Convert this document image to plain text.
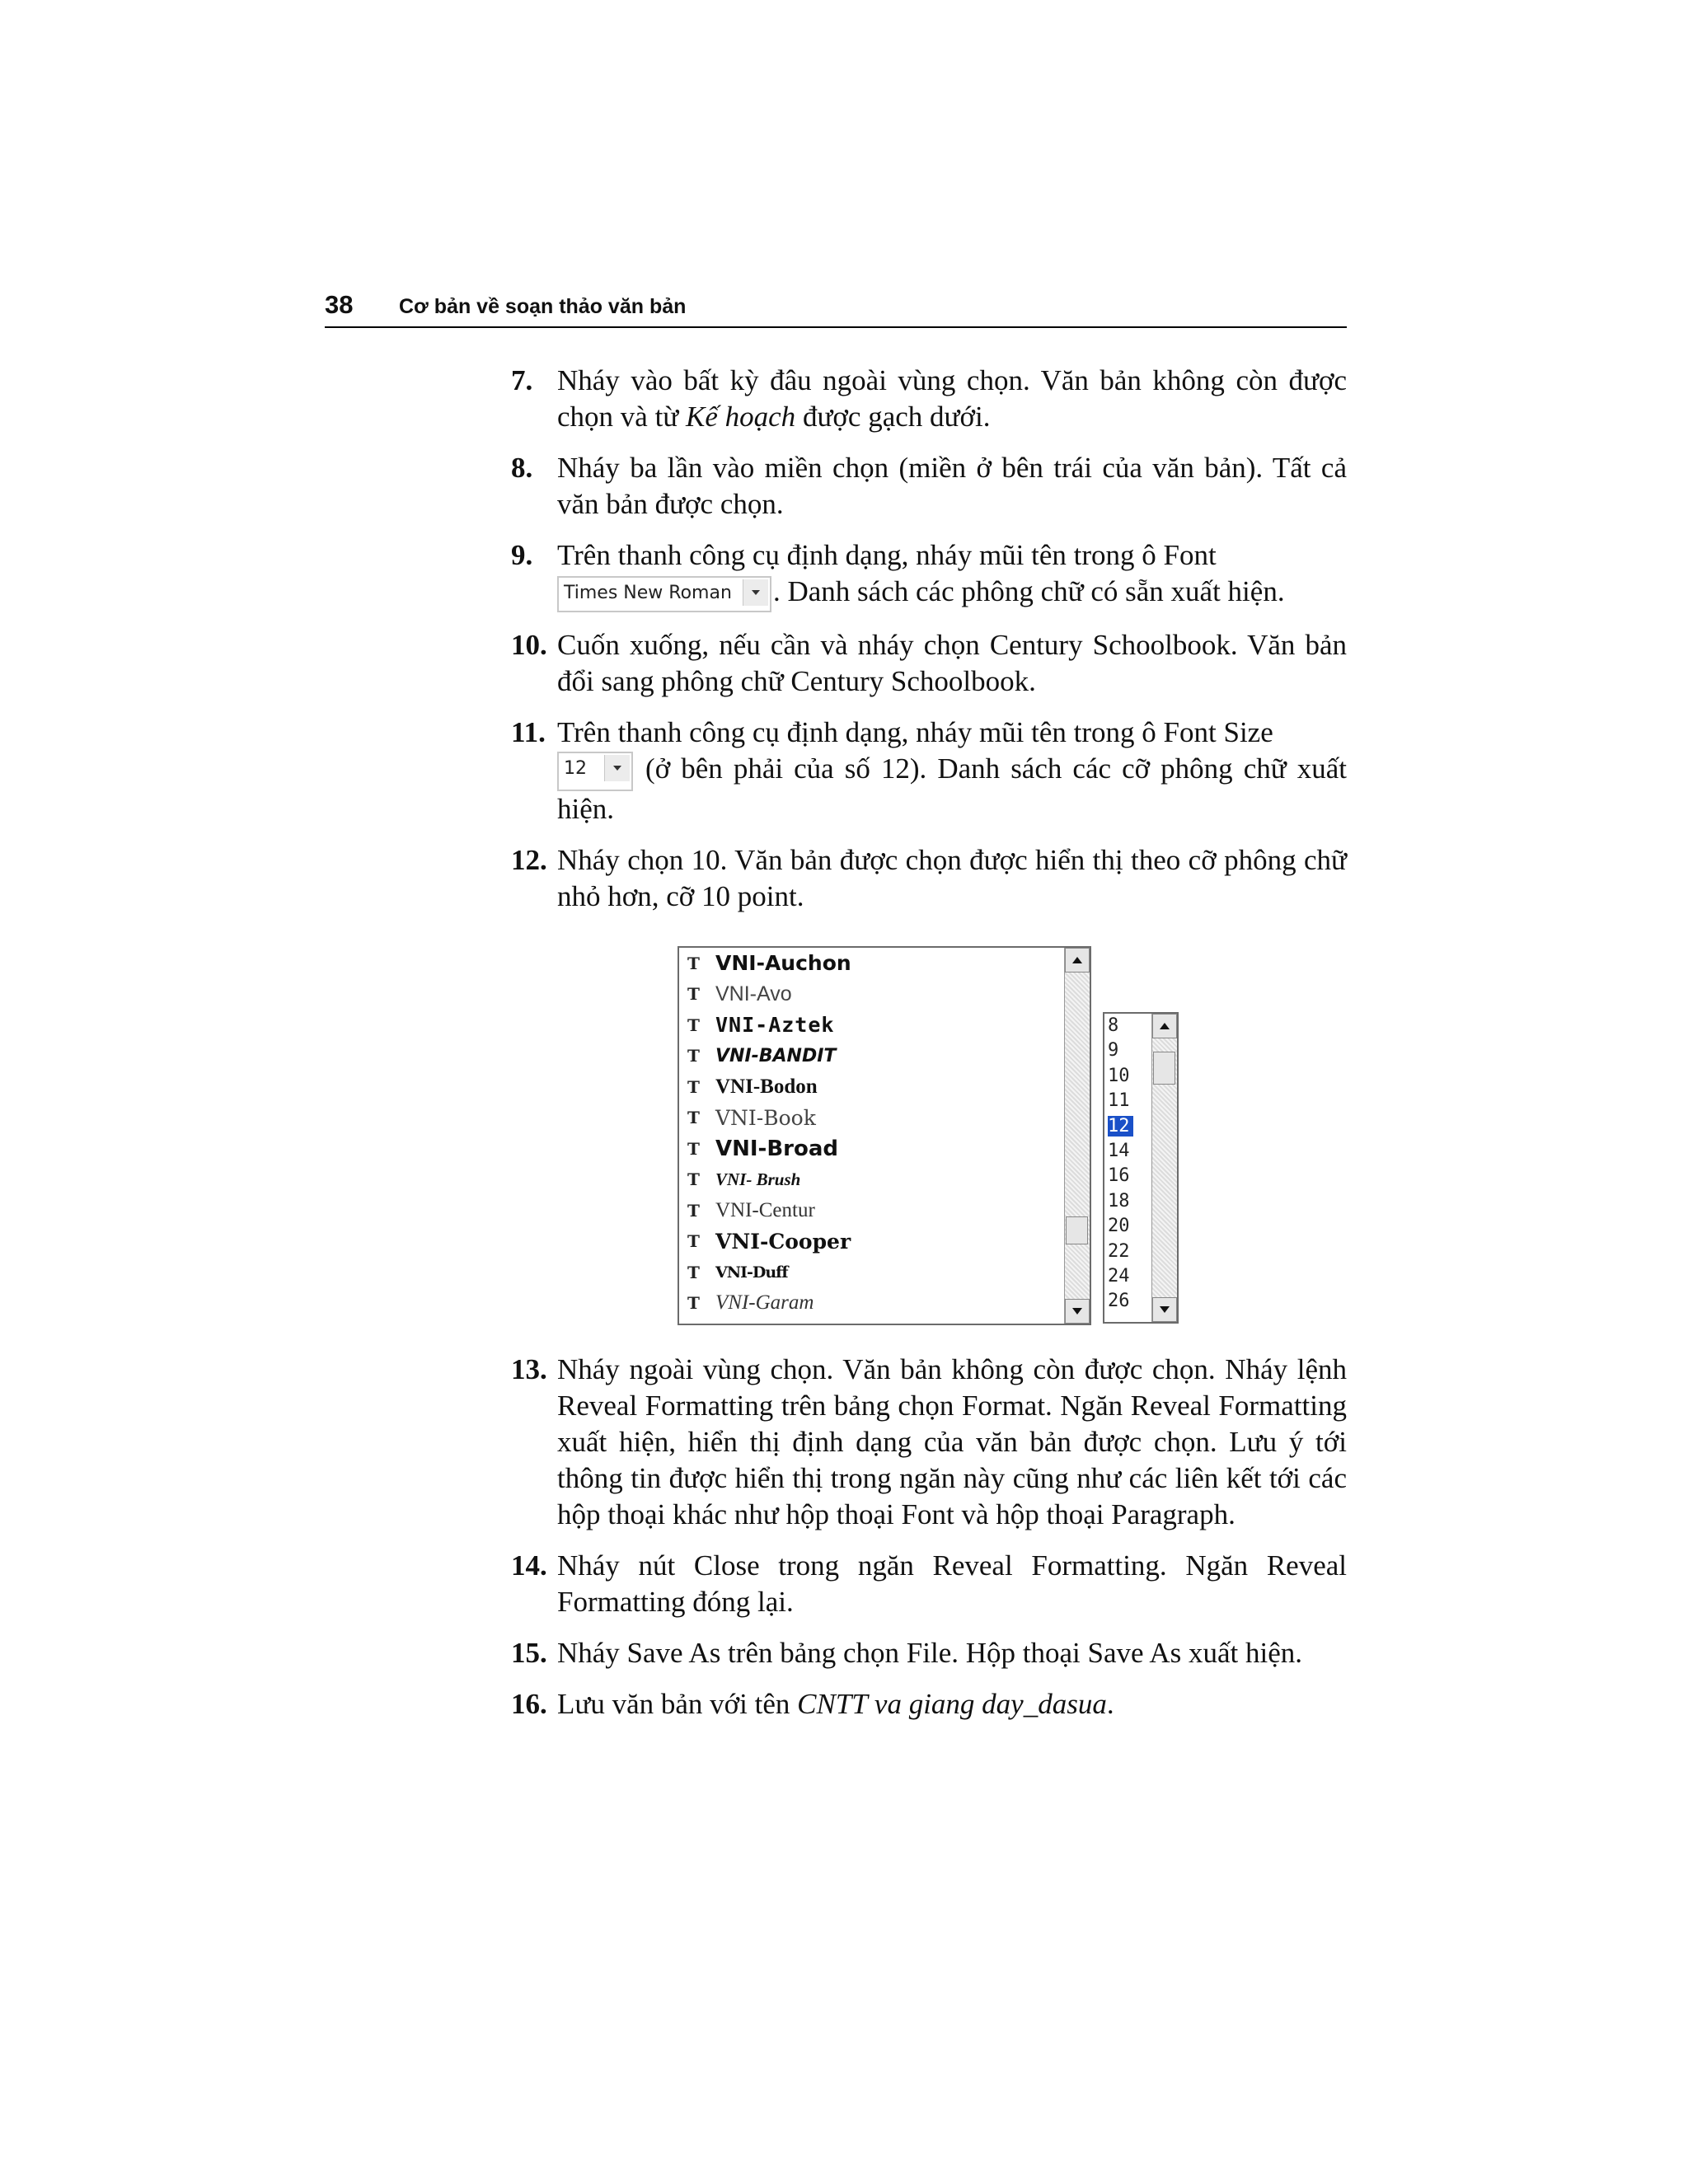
38 Cơ bản về soạn thảo văn bản
7. Nháy vào bất kỳ đâu ngoài vùng chọn. Văn bản không còn được chọn và từ Kế hoạch được gạch dưới.
8. Nháy ba lần vào miền chọn (miền ở bên trái của văn bản). Tất cả văn bản được chọn.
9. Trên thanh công cụ định dạng, nháy mũi tên trong ô Font

Times New Roman . Danh sách các phông chữ có sẵn xuất hiện.
10. Cuốn xuống, nếu cần và nháy chọn Century Schoolbook. Văn bản đổi sang phông chữ Century Schoolbook.
11. Trên thanh công cụ định dạng, nháy mũi tên trong ô Font Size

12 (ở bên phải của số 12). Danh sách các cỡ phông chữ xuất hiện.
12. Nháy chọn 10. Văn bản được chọn được hiển thị theo cỡ phông chữ nhỏ hơn, cỡ 10 point.
13. Nháy ngoài vùng chọn. Văn bản không còn được chọn. Nháy lệnh Reveal Formatting trên bảng chọn Format. Ngăn Reveal Formatting xuất hiện, hiển thị định dạng của văn bản được chọn. Lưu ý tới thông tin được hiển thị trong ngăn này cũng như các liên kết tới các hộp thoại khác như hộp thoại Font và hộp thoại Paragraph.
14. Nháy nút Close trong ngăn Reveal Formatting. Ngăn Reveal Formatting đóng lại.
15. Nháy Save As trên bảng chọn File. Hộp thoại Save As xuất hiện.
16. Lưu văn bản với tên CNTT va giang day_dasua.
T VNI-Auchon
T VNI-Avo
T VNI-Aztek
T VNI-BANDIT
T VNI-Bodon
T VNI-Book
T VNI-Broad
T VNI- Brush
T VNI-Centur
T VNI-Cooper
T VNI-Duff
T VNI-Garam
8
9
10
11
12
14
16
18
20
22
24
26
